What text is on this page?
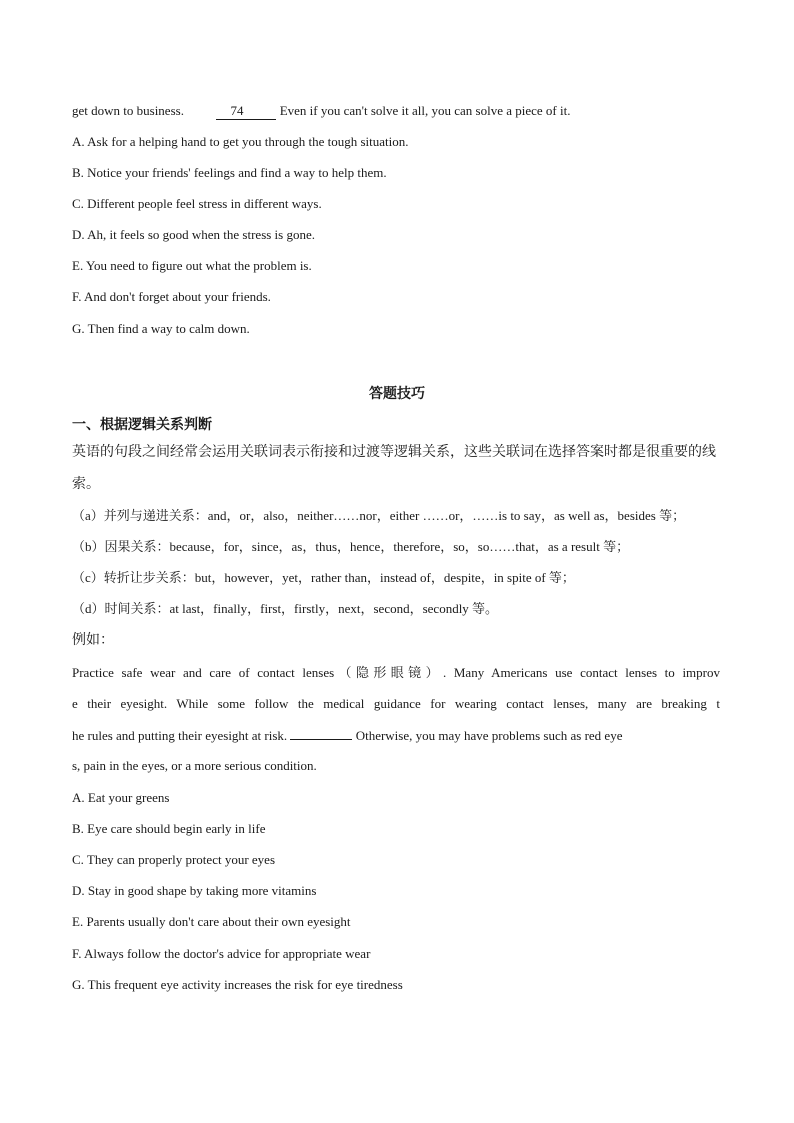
get down to business.	74	Even if you can't solve it all, you can solve a piece of it.
A. Ask for a helping hand to get you through the tough situation.
B. Notice your friends' feelings and find a way to help them.
C. Different people feel stress in different ways.
D. Ah, it feels so good when the stress is gone.
E. You need to figure out what the problem is.
F. And don't forget about your friends.
G. Then find a way to calm down.
答题技巧
一、根据逻辑关系判断
英语的句段之间经常会运用关联词表示衔接和过渡等逻辑关系，这些关联词在选择答案时都是很重要的线
索。
（a）并列与递进关系：and，or，also，neither……nor，either ……or，……is to say，as well as，besides 等；
（b）因果关系：because，for，since，as，thus，hence，therefore，so，so……that，as a result 等；
（c）转折让步关系：but，however，yet，rather than，instead of，despite，in spite of 等；
（d）时间关系：at last，finally，first，firstly，next，second，secondly 等。
例如：
Practice safe wear and care of contact lenses（隐形眼镜）. Many Americans use contact lenses to improv
e their eyesight. While some follow the medical guidance for wearing contact lenses, many are breaking t
he rules and putting their eyesight at risk.	Otherwise, you may have problems such as red eye
s, pain in the eyes, or a more serious condition.
A. Eat your greens
B. Eye care should begin early in life
C. They can properly protect your eyes
D. Stay in good shape by taking more vitamins
E. Parents usually don't care about their own eyesight
F. Always follow the doctor's advice for appropriate wear
G. This frequent eye activity increases the risk for eye tiredness
